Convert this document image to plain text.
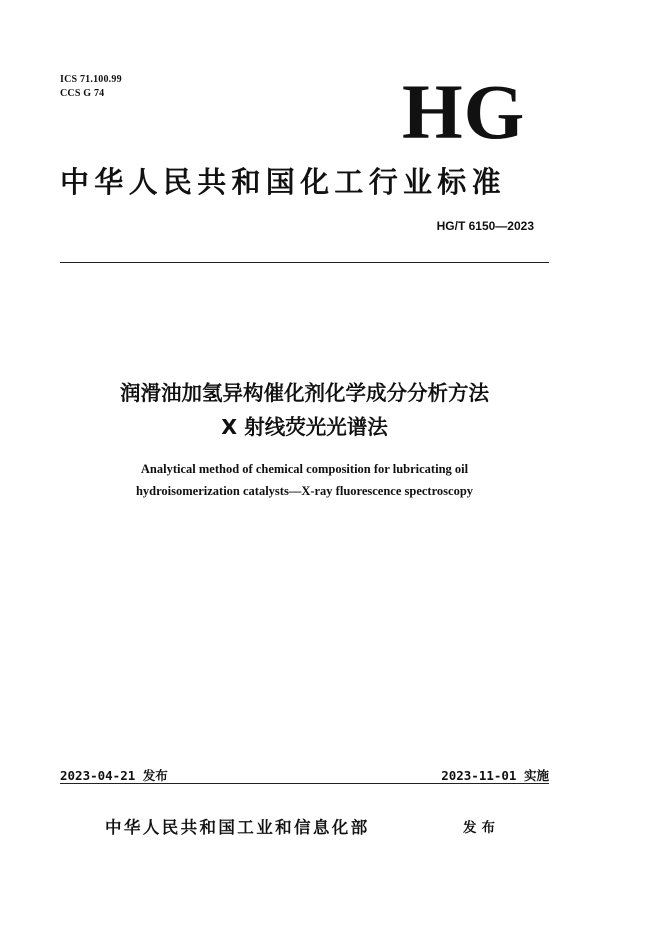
ICS 71.100.99
CCS G 74	HG
中华人民共和国化工行业标准
HG/T 6150—2023
润滑油加氢异构催化剂化学成分分析方法
X 射线荧光光谱法
Analytical method of chemical composition for lubricating oil
hydroisomerization catalysts—X-ray fluorescence spectroscopy
2023-04-21 发布	2023-11-01 实施
中华人民共和国工业和信息化部	发布
